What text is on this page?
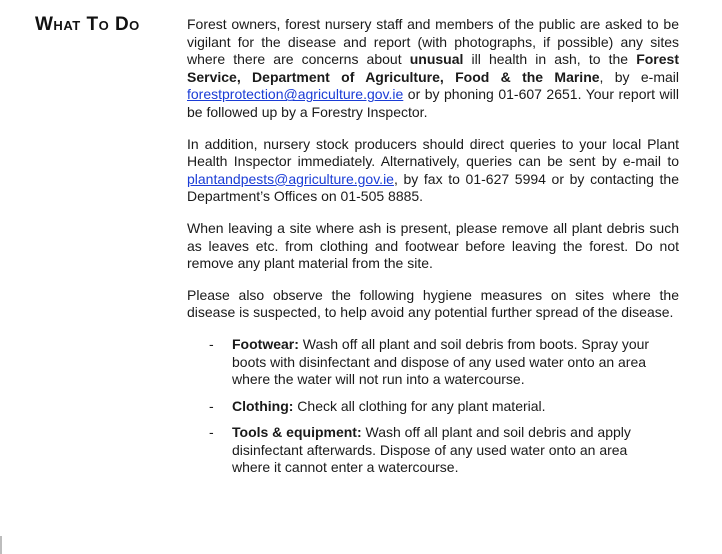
What To Do	Forest owners, forest nursery staff and members of the public are asked to be vigilant for the disease and report (with photographs, if possible) any sites where there are concerns about unusual ill health in ash, to the Forest Service, Department of Agriculture, Food & the Marine, by e-mail forestprotection@agriculture.gov.ie or by phoning 01-607 2651. Your report will be followed up by a Forestry Inspector.

In addition, nursery stock producers should direct queries to your local Plant Health Inspector immediately. Alternatively, queries can be sent by e-mail to plantandpests@agriculture.gov.ie, by fax to 01-627 5994 or by contacting the Department’s Offices on 01-505 8885.

When leaving a site where ash is present, please remove all plant debris such as leaves etc. from clothing and footwear before leaving the forest. Do not remove any plant material from the site.

Please also observe the following hygiene measures on sites where the disease is suspected, to help avoid any potential further spread of the disease.

- Footwear: Wash off all plant and soil debris from boots. Spray your boots with disinfectant and dispose of any used water onto an area where the water will not run into a watercourse.
- Clothing: Check all clothing for any plant material.
- Tools & equipment: Wash off all plant and soil debris and apply disinfectant afterwards. Dispose of any used water onto an area where it cannot enter a watercourse.
